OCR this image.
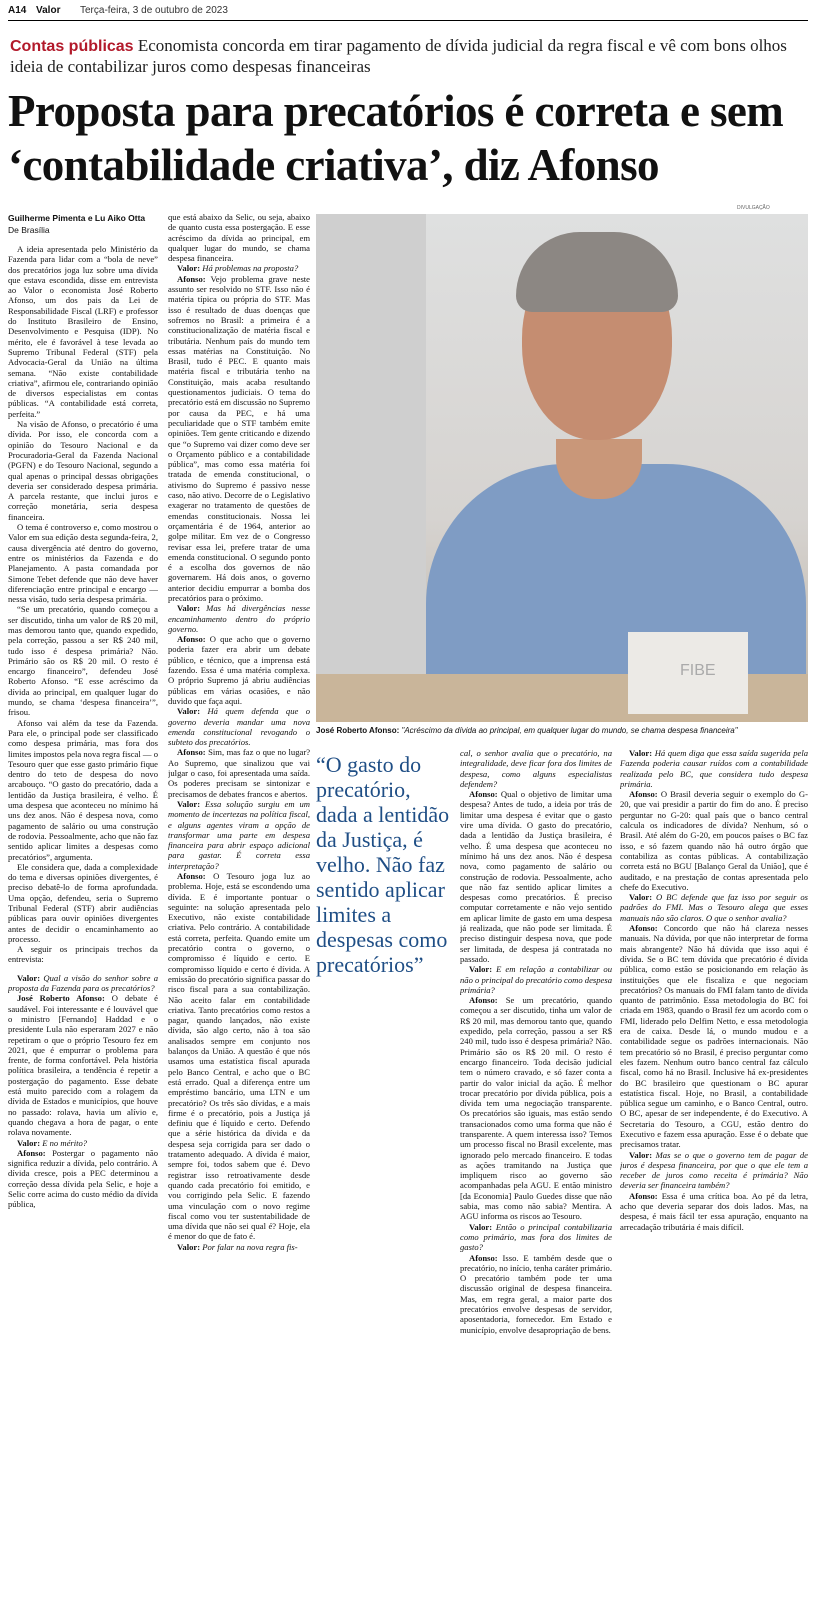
A14 Valor Terça-feira, 3 de outubro de 2023
Contas públicas Economista concorda em tirar pagamento de dívida judicial da regra fiscal e vê com bons olhos ideia de contabilizar juros como despesas financeiras
Proposta para precatórios é correta e sem ‘contabilidade criativa’, diz Afonso
Guilherme Pimenta e Lu Aiko Otta
De Brasília

A ideia apresentada pelo Ministério da Fazenda para lidar com a “bola de neve” dos precatórios joga luz sobre uma dívida que estava escondida, disse em entrevista ao Valor o economista José Roberto Afonso, um dos pais da Lei de Responsabilidade Fiscal (LRF) e professor do Instituto Brasileiro de Ensino, Desenvolvimento e Pesquisa (IDP). No mérito, ele é favorável à tese levada ao Supremo Tribunal Federal (STF) pela Advocacia-Geral da União na última semana. “Não existe contabilidade criativa”, afirmou ele, contrariando opinião de diversos especialistas em contas públicas. “A contabilidade está correta, perfeita.”

Na visão de Afonso, o precatório é uma dívida. Por isso, ele concorda com a opinião do Tesouro Nacional e da Procuradoria-Geral da Fazenda Nacional (PGFN) e do Tesouro Nacional, segundo a qual apenas o principal dessas obrigações deveria ser considerado despesa primária. A parcela restante, que inclui juros e correção monetária, seria despesa financeira.

O tema é controverso e, como mostrou o Valor em sua edição desta segunda-feira, 2, causa divergência até dentro do governo, entre os ministérios da Fazenda e do Planejamento. A pasta comandada por Simone Tebet defende que não deve haver diferenciação entre principal e encargo — nessa visão, tudo seria despesa primária.

“Se um precatório, quando começou a ser discutido, tinha um valor de R$ 20 mil, mas demorou tanto que, quando expedido, pela correção, passou a ser R$ 240 mil, tudo isso é despesa primária? Não. Primário são os R$ 20 mil. O resto é encargo financeiro”, defendeu José Roberto Afonso. “E esse acréscimo da dívida ao principal, em qualquer lugar do mundo, se chama ‘despesa financeira’”, frisou.

Afonso vai além da tese da Fazenda. Para ele, o principal pode ser classificado como despesa primária, mas fora dos limites impostos pela nova regra fiscal — o Tesouro quer que esse gasto primário fique dentro do teto de despesa do novo arcabouço. “O gasto do precatório, dada a lentidão da Justiça brasileira, é velho. É uma despesa que aconteceu no mínimo há uns dez anos. Não é despesa nova, como pagamento de salário ou uma construção de rodovia. Pessoalmente, acho que não faz sentido aplicar limites a despesas como precatórios”, argumenta.

Ele considera que, dada a complexidade do tema e diversas opiniões divergentes, é preciso debatê-lo de forma aprofundada. Uma opção, defendeu, seria o Supremo Tribunal Federal (STF) abrir audiências públicas para ouvir opiniões divergentes antes de decidir o encaminhamento ao processo.

A seguir os principais trechos da entrevista:

Valor: Qual a visão do senhor sobre a proposta da Fazenda para os precatórios?

José Roberto Afonso: O debate é saudável. Foi interessante e é louvável que o ministro [Fernando] Haddad e o presidente Lula não esperaram 2027 e não repetiram o que o próprio Tesouro fez em 2021, que é empurrar o problema para frente, de forma confortável. Pela história política brasileira, a tendência é repetir a postergação do pagamento. Esse debate está muito parecido com a rolagem da dívida de Estados e municípios, que houve no passado: rolava, havia um alívio e, quando chegava a hora de pagar, o ente rolava novamente.

Valor: E no mérito?

Afonso: Postergar o pagamento não significa reduzir a dívida, pelo contrário. A dívida cresce, pois a PEC determinou a correção dessa dívida pela Selic, e hoje a Selic corre acima do custo médio da dívida pública,

que está abaixo da Selic, ou seja, abaixo de quanto custa essa postergação. E esse acréscimo da dívida ao principal, em qualquer lugar do mundo, se chama despesa financeira.

Valor: Há problemas na proposta?

Afonso: Vejo problema grave neste assunto ser resolvido no STF. Isso não é matéria típica ou própria do STF. Mas isso é resultado de duas doenças que sofremos no Brasil: a primeira é a constitucionalização de matéria fiscal e tributária. Nenhum país do mundo tem essas matérias na Constituição. No Brasil, tudo é PEC. E quanto mais matéria fiscal e tributária tenho na Constituição, mais acaba resultando questionamentos judiciais. O tema do precatório está em discussão no Supremo por causa da PEC, e há uma peculiaridade que o STF também emite opiniões. Tem gente criticando e dizendo que “o Supremo vai dizer como deve ser o Orçamento público e a contabilidade pública”, mas como essa matéria foi tratada de emenda constitucional, o ativismo do Supremo é passivo nesse caso, não ativo. Decorre de o Legislativo exagerar no tratamento de questões de emendas constitucionais. Nossa lei orçamentária é de 1964, anterior ao golpe militar. Em vez de o Congresso revisar essa lei, prefere tratar de uma emenda constitucional. O segundo ponto é a escolha dos governos de não governarem. Há dois anos, o governo anterior decidiu empurrar a bomba dos precatórios para o próximo.

Valor: Mas há divergências nesse encaminhamento dentro do próprio governo.

Afonso: O que acho que o governo poderia fazer era abrir um debate público, e técnico, que a imprensa está fazendo. Essa é uma matéria complexa. O próprio Supremo já abriu audiências públicas em várias ocasiões, e não duvido que faça aqui.

Valor: Há quem defenda que o governo deveria mandar uma nova emenda constitucional revogando o subteto dos precatórios.

Afonso: Sim, mas faz o que no lugar? Ao Supremo, que sinalizou que vai julgar o caso, foi apresentada uma saída. Os poderes precisam se sintonizar e precisamos de debates francos e abertos.

Valor: Essa solução surgiu em um momento de incertezas na política fiscal, e alguns agentes viram a opção de transformar uma parte em despesa financeira para abrir espaço adicional para gastar. É correta essa interpretação?

Afonso: O Tesouro joga luz ao problema. Hoje, está se escondendo uma dívida. E é importante pontuar o seguinte: na solução apresentada pelo Executivo, não existe contabilidade criativa. Pelo contrário. A contabilidade está correta, perfeita. Quando emite um precatório contra o governo, o compromisso é líquido e certo. E compromisso líquido e certo é dívida. A emissão do precatório significa passar do risco fiscal para a sua contabilização. Não aceito falar em contabilidade criativa. Tanto precatórios como restos a pagar, quando lançados, não existe dívida, são algo certo, não à toa são analisados sempre em conjunto nos balanços da União. A questão é que nós usamos uma estatística fiscal apurada pelo Banco Central, e acho que o BC está errado. Qual a diferença entre um empréstimo bancário, uma LTN e um precatório? Os três são dívidas, e a mais firme é o precatório, pois a Justiça já definiu que é líquido e certo. Defendo que a série histórica da dívida e da despesa seja corrigida para ser dado o tratamento adequado. A dívida é maior, sempre foi, todos sabem que é. Devo registrar isso retroativamente desde quando cada precatório foi emitido, e vou corrigindo pela Selic. E fazendo uma vinculação com o novo regime fiscal como vou ter sustentabilidade de uma dívida que não sei qual é? Hoje, ela é menor do que de fato é.

Valor: Por falar na nova regra fis-

DIVULGAÇÃO
FIBE
José Roberto Afonso: "Acréscimo da dívida ao principal, em qualquer lugar do mundo, se chama despesa financeira"
“O gasto do precatório, dada a lentidão da Justiça, é velho. Não faz sentido aplicar limites a despesas como precatórios”

cal, o senhor avalia que o precatório, na integralidade, deve ficar fora dos limites de despesa, como alguns especialistas defendem?

Afonso: Qual o objetivo de limitar uma despesa? Antes de tudo, a ideia por trás de limitar uma despesa é evitar que o gasto vire uma dívida. O gasto do precatório, dada a lentidão da Justiça brasileira, é velho. É uma despesa que aconteceu no mínimo há uns dez anos. Não é despesa nova, como pagamento de salário ou construção de rodovia. Pessoalmente, acho que não faz sentido aplicar limites a despesas como precatórios. É preciso computar corretamente e não vejo sentido em aplicar limite de gasto em uma despesa já realizada, que não pode ser limitada. É preciso distinguir despesa nova, que pode ser limitada, de despesa já contratada no passado.

Valor: E em relação a contabilizar ou não o principal do precatório como despesa primária?

Afonso: Se um precatório, quando começou a ser discutido, tinha um valor de R$ 20 mil, mas demorou tanto que, quando expedido, pela correção, passou a ser R$ 240 mil, tudo isso é despesa primária? Não. Primário são os R$ 20 mil. O resto é encargo financeiro. Toda decisão judicial tem o número cravado, e só fazer conta a partir do valor inicial da ação. É melhor trocar precatório por dívida pública, pois a dívida tem uma negociação transparente. Os precatórios são iguais, mas estão sendo transacionados como uma forma que não é transparente. A quem interessa isso? Temos um processo fiscal no Brasil excelente, mas ignorado pelo mercado financeiro. E todas as ações tramitando na Justiça que impliquem risco ao governo são acompanhadas pela AGU. E então ministro [da Economia] Paulo Guedes disse que não sabia, mas como não sabia? Mentira. A AGU informa os riscos ao Tesouro.

Valor: Então o principal contabilizaria como primário, mas fora dos limites de gasto?

Afonso: Isso. E também desde que o precatório, no início, tenha caráter primário. O precatório também pode ter uma discussão original de despesa financeira. Mas, em regra geral, a maior parte dos precatórios envolve despesas de servidor, aposentadoria, fornecedor. Em Estado e município, envolve desapropriação de bens.

Valor: Há quem diga que essa saída sugerida pela Fazenda poderia causar ruídos com a contabilidade realizada pelo BC, que considera tudo despesa primária.

Afonso: O Brasil deveria seguir o exemplo do G-20, que vai presidir a partir do fim do ano. É preciso perguntar no G-20: qual país que o banco central calcula os indicadores de dívida? Nenhum, só o Brasil. Até além do G-20, em poucos países o BC faz isso, e só fazem quando não há outro órgão que contabiliza as contas públicas. A contabilização correta está no BGU [Balanço Geral da União], que é auditado, e na prestação de contas apresentada pelo chefe do Executivo.

Valor: O BC defende que faz isso por seguir os padrões do FMI. Mas o Tesouro alega que esses manuais não são claros. O que o senhor avalia?

Afonso: Concordo que não há clareza nesses manuais. Na dúvida, por que não interpretar de forma mais abrangente? Não há dúvida que isso aqui é dívida. Se o BC tem dúvida que precatório é dívida pública, como estão se posicionando em relação às instituições que ele fiscaliza e que negociam precatórios? Os manuais do FMI falam tanto de dívida quanto de patrimônio. Essa metodologia do BC foi criada em 1983, quando o Brasil fez um acordo com o FMI, liderado pelo Delfim Netto, e essa metodologia era de caixa. Desde lá, o mundo mudou e a contabilidade segue os padrões internacionais. Não tem precatório só no Brasil, é preciso perguntar como eles fazem. Nenhum outro banco central faz cálculo fiscal, como há no Brasil. Inclusive há ex-presidentes do BC brasileiro que questionam o BC apurar estatística fiscal. Hoje, no Brasil, a contabilidade pública segue um caminho, e o Banco Central, outro. O BC, apesar de ser independente, é do Executivo. A Secretaria do Tesouro, a CGU, estão dentro do Executivo e fazem essa apuração. Esse é o debate que precisamos tratar.

Valor: Mas se o que o governo tem de pagar de juros é despesa financeira, por que o que ele tem a receber de juros como receita é primária? Não deveria ser financeira também?

Afonso: Essa é uma crítica boa. Ao pé da letra, acho que deveria separar dos dois lados. Mas, na despesa, é mais fácil ter essa apuração, enquanto na arrecadação tributária é mais difícil.
